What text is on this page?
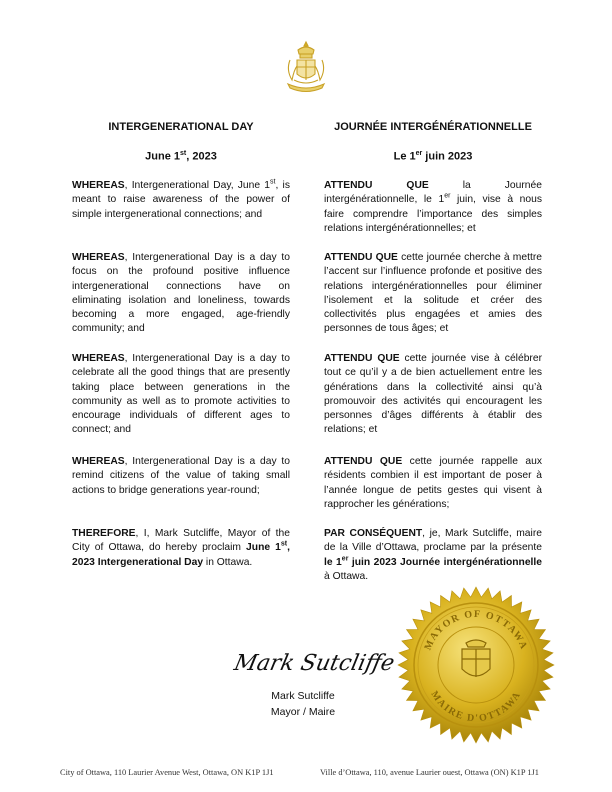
INTERGENERATIONAL DAY
June 1st, 2023

WHEREAS, Intergenerational Day, June 1st, is meant to raise awareness of the power of simple intergenerational connections; and

WHEREAS, Intergenerational Day is a day to focus on the profound positive influence intergenerational connections have on eliminating isolation and loneliness, towards becoming a more engaged, age-friendly community; and

WHEREAS, Intergenerational Day is a day to celebrate all the good things that are presently taking place between generations in the community as well as to promote activities to encourage individuals of different ages to connect; and

WHEREAS, Intergenerational Day is a day to remind citizens of the value of taking small actions to bridge generations year-round;

THEREFORE, I, Mark Sutcliffe, Mayor of the City of Ottawa, do hereby proclaim June 1st, 2023 Intergenerational Day in Ottawa.

JOURNÉE INTERGÉNÉRATIONNELLE
Le 1er juin 2023

ATTENDU QUE la Journée intergénérationnelle, le 1er juin, vise à nous faire comprendre l’importance des simples relations intergénérationnelles; et

ATTENDU QUE cette journée cherche à mettre l’accent sur l’influence profonde et positive des relations intergénérationnelles pour éliminer l’isolement et la solitude et créer des collectivités plus engagées et amies des personnes de tous âges; et

ATTENDU QUE cette journée vise à célébrer tout ce qu’il y a de bien actuellement entre les générations dans la collectivité ainsi qu’à promouvoir des activités qui encouragent les personnes d’âges différents à établir des relations; et

ATTENDU QUE cette journée rappelle aux résidents combien il est important de poser à l’année longue de petits gestes qui visent à rapprocher les générations;

PAR CONSÉQUENT, je, Mark Sutcliffe, maire de la Ville d’Ottawa, proclame par la présente le 1er juin 2023 Journée intergénérationnelle à Ottawa.

MAYOR OF OTTAWA
MAIRE D'OTTAWA
Mark Sutcliffe
Mark Sutcliffe
Mayor / Maire
City of Ottawa, 110 Laurier Avenue West, Ottawa, ON K1P 1J1	Ville d’Ottawa, 110, avenue Laurier ouest, Ottawa (ON) K1P 1J1
